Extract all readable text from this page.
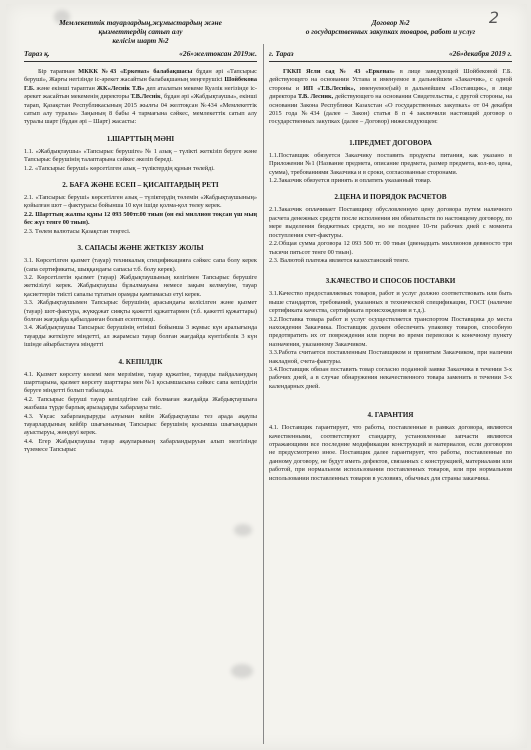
2
Мемлекеттік тауарлардың,жұмыстардың және
қызметтердің сатып алу
келісім шарт №2
Тараз қ.	«26»желтоксан 2019ж.

Бір тарапнан МККК №43 «Еркеназ» балабақшасы бұдан әрі «Тапсырыс беруші», Жарғы негізінде іс-әрекет жасайтын балабақшаның меңгерушісі Шойбекова Г.Б. және екінші тараптан ЖК«Леснік Т.В» деп аталатын мекеме Куәлік негізінде іс-әрекет жасайтын мекеменің директоры Т.В.Леснік, бұдан әрі «Жабдықтаушы», екінші тарап, Қазақстан Республикасының 2015 жылғы 04 желтоқсан №434 «Мемлекеттік сатып алу туралы» Заңының 8 бабы 4 тармағына сәйкес, мемлекеттік сатып алу туралы шарт (бұдан әрі – Шарт) жасасты:

1.ШАРТТЫҢ МӘНІ

1.1. «Жабдықтаушы» «Тапсырыс берушіге» № 1 азық – түлікті жеткізіп беруге және Тапсырыс берушінің талаптарына сәйкес әкеліп береді.

1.2. «Тапсырыс беруші» көрсетілген азық – түліктердің құнын төлейді.

2. БАҒА ЖӘНЕ ЕСЕП – ҚИСАПТАРДЫҢ РЕТІ

2.1. «Тапсырыс беруші» көрсетілген азық – түліктердің төлемін «Жабдықтаушының» қойылған шот – фактурасы бойынша 10 күн ішіде қолма-қол төлеу керек.

2.2. Шарттың жалпы құны 12 093 500тг.00 тиын (он екі миллион тоқсан үш мың бес жүз тенге 00 тиын).

2.3. Төлем валютасы Қазақстан теңгесі.

3. САПАСЫ ЖӘНЕ ЖЕТКІЗУ ЖОЛЫ

3.1. Көрсетілген қызмет (тауар) техникалық спецификацияға сәйкес сапа болу керек (сапа сертификаты, шыққандағы сапасы т.б. болу керек).

3.2. Көрсетілетін қызмет (тауар) Жабдықтаушының келігімен Тапсырыс берушіге жеткізілуі керек. Жабдықтаушы бұзылмауына немесе зақым келмеуіне, тауар қасиеттерін тиісті сапалы тұтатын орамды қамтамасыз етуі керек.

3.3. Жабдықтаушымен Тапсырыс берушінің арасындағы келісілген және қызмет (тауар) шот-фактура, жүкқұжат сияқты қажетті құжаттармен (т.б. қажетті құжаттары) болған жағдайда қабылданған болып есептеледі.

3.4. Жабдықтаушы Тапсырыс берушінің өтініші бойынша 3 жұмыс күн аралығында тауарды жеткізуге міндетті, ал жарамсыз тауар болған жағдайда күнтізбелік 3 күн ішінде айырбастауға міндетті

4. КЕПІЛДІК

4.1. Қызмет көрсету көлемі мен мерзіміне, тауар құжатіне, тауарды пайдаланудың шарттарына, қызмет көрсету шарттары мен №1 қосымшасына сәйкес сапа кепілдігін беруге міндетті болып табылады.

4.2. Тапсырыс беруші тауар кепілдігіне сай болмаған жағдайда Жабдықтаушыға жазбаша түрде барлық арызадарды хабарлауы тиіс.

4.3. Ұқсас хабарландыруды алуынан кейін Жабдықтаушы тез арада ақаулы тауарлардының кейбір шығынының Тапсырыс берушінің қосымша шығындарын ауыстыруы, жөндеуі керек.

4.4. Егер Жабдықтаушы тауар ақауларының хабарландыруын алып мезгілінде түземесе Тапсырыс

Договор №2
о государственных закупках товаров, работ и услуг
г. Тараз	«26»декабря 2019 г.

ГККП Ясли сад № 43 «Еркеназ» в лице заведующей Шойбековой Г.Б. действующего на основании Устава и именуемое в дальнейшем «Заказчик», с одной стороны и ИП «Т.В.Леснік», именуемое(ый) в дальнейшем «Поставщик», в лице директора Т.В. Лесник, действующего на основании Свидетельства, с другой стороны, на основании Закона Республики Казахстан «О государственных закупках» от 04 декабря 2015 года №434 (далее – Закон) статья 8 п 4 заключили настоящий договор о государственных закупках (далее – Договор) нижеследующем:

1.ПРЕДМЕТ ДОГОВОРА

1.1.Поставщик обязуется Заказчику поставить продукты питания, как указано в Приложении №1 (Название предмета, описание предмета, размер предмета, кол-во, цена, сумма), требованиями Заказчика и в сроки, согласованные сторонами.

1.2.Заказчик обязуется принять и оплатить указанный товар.

2.ЦЕНА И ПОРЯДОК РАСЧЕТОВ

2.1.Заказчик оплачивает Поставщику обусловленную цену договора путем наличного расчета денежных средств после исполнения им обязательств по настоящему договору, по мере выделения бюджетных средств, но не позднее 10-ти рабочих дней с момента поступления счет-фактуры.

2.2.Общая сумма договора 12 093 500 тг. 00 тиын (двенадцать миллионов девяносто три тысячи пятьсот тенге 00 тиын).

2.3. Валютой платежа является казахстанский тенге.

3.КАЧЕСТВО И СПОСОБ ПОСТАВКИ

3.1.Качество предоставляемых товаров, работ и услуг должно соответствовать или быть выше стандартов, требований, указанных в технической спецификации, ГОСТ (наличие сертификата качества, сертификата происхождения и т.д.).

3.2.Поставка товара работ и услуг осуществляется транспортом Поставщика до места нахождения Заказчика. Поставщик должен обеспечить упаковку товаров, способную предотвратить их от повреждения или порчи во время перевозки к конечному пункту назначения, указанному Заказчиком.

3.3.Работа считается поставленным Поставщиком и принятым Заказчиком, при наличии накладной, счета-фактуры.

3.4.Поставщик обязан поставить товар согласно поданной заявке Заказчика в течении 3-х рабочих дней, а в случае обнаружения некачественного товара заменить в течении 3-х календарных дней.

4. ГАРАНТИЯ

4.1. Поставщик гарантирует, что работы, поставленные в рамках договора, являются качественными, соответствуют стандарту, установленные запчасти являются отражающими все последние модификации конструкций и материалов, если договором не предусмотрено иное. Поставщик далее гарантирует, что работы, поставленные по данному договору, не будут иметь дефектов, связанных с конструкцией, материалами или работой, при нормальном использовании поставленных товаров, или при нормальном использовании поставленных товаров в условиях, обычных для страны заказчика.
